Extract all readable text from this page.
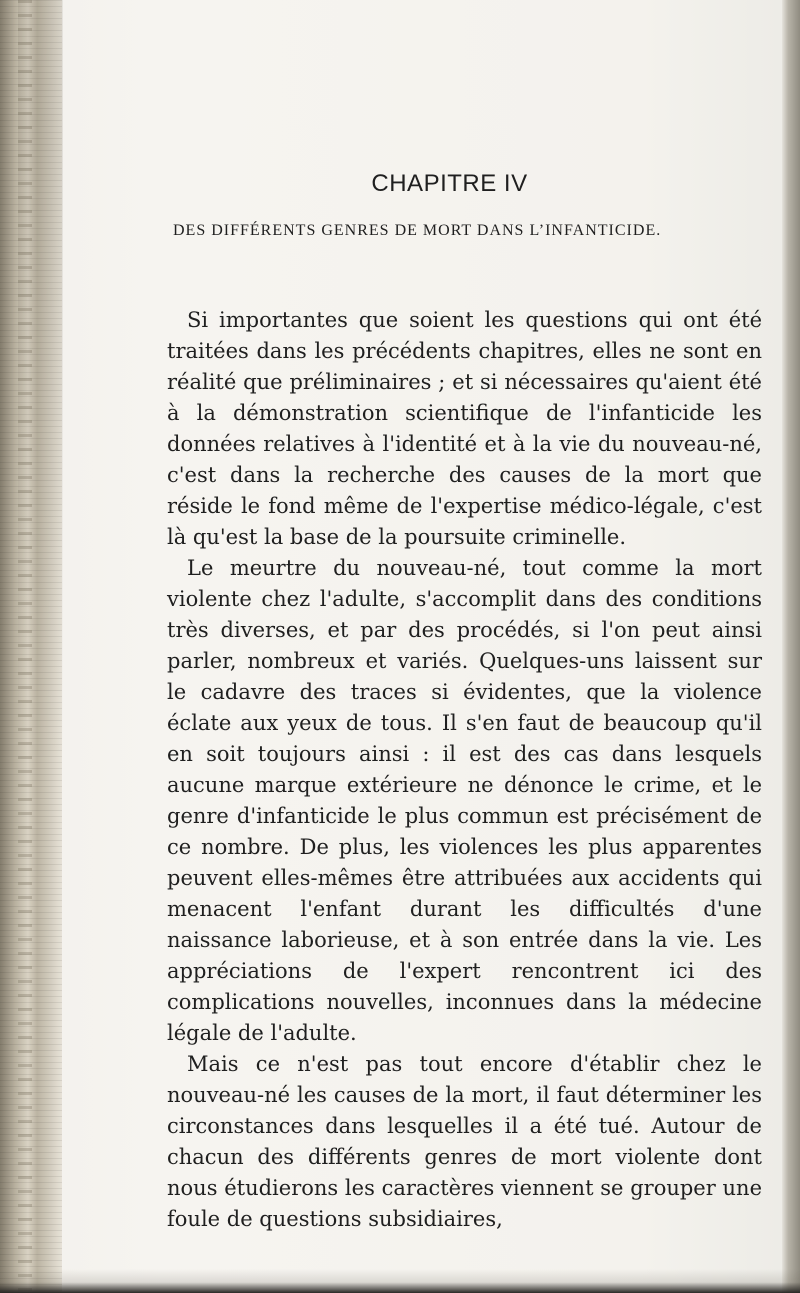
CHAPITRE IV
DES DIFFÉRENTS GENRES DE MORT DANS L’INFANTICIDE.

Si importantes que soient les questions qui ont été traitées dans les précédents chapitres, elles ne sont en réalité que préliminaires ; et si nécessaires qu'aient été à la démonstration scientifique de l'infanticide les données relatives à l'identité et à la vie du nouveau-né, c'est dans la recherche des causes de la mort que réside le fond même de l'expertise médico-légale, c'est là qu'est la base de la poursuite criminelle.

Le meurtre du nouveau-né, tout comme la mort violente chez l'adulte, s'accomplit dans des conditions très diverses, et par des procédés, si l'on peut ainsi parler, nombreux et variés. Quelques-uns laissent sur le cadavre des traces si évidentes, que la violence éclate aux yeux de tous. Il s'en faut de beaucoup qu'il en soit toujours ainsi : il est des cas dans lesquels aucune marque extérieure ne dénonce le crime, et le genre d'infanticide le plus commun est précisément de ce nombre. De plus, les violences les plus apparentes peuvent elles-mêmes être attribuées aux accidents qui menacent l'enfant durant les difficultés d'une naissance laborieuse, et à son entrée dans la vie. Les appréciations de l'expert rencontrent ici des complications nouvelles, inconnues dans la médecine légale de l'adulte.

Mais ce n'est pas tout encore d'établir chez le nouveau-né les causes de la mort, il faut déterminer les circonstances dans lesquelles il a été tué. Autour de chacun des différents genres de mort violente dont nous étudierons les caractères viennent se grouper une foule de questions subsidiaires,
